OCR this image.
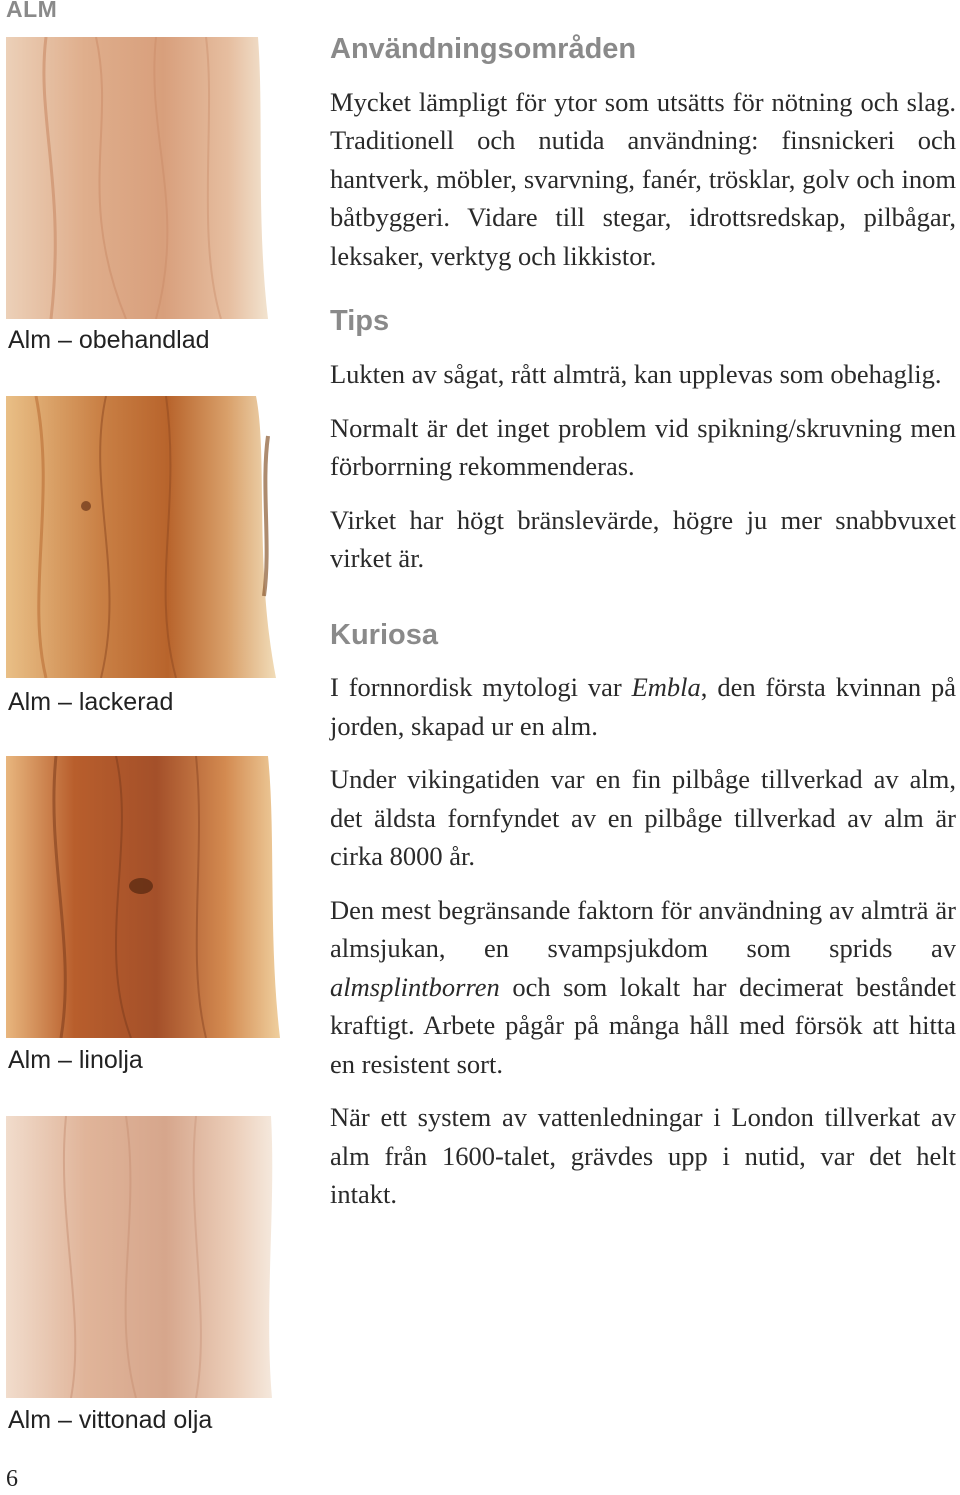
ALM
Alm – obehandlad
Alm – lackerad
Alm – linolja
Alm – vittonad olja
Användningsområden

Mycket lämpligt för ytor som utsätts för nötning och slag. Traditionell och nutida användning: finsnickeri och hantverk, möbler, svarvning, fanér, trösklar, golv och inom båtbyggeri. Vidare till stegar, idrottsredskap, pilbågar, leksaker, verktyg och likkistor.

Tips

Lukten av sågat, rått almträ, kan upplevas som obehaglig.

Normalt är det inget problem vid spikning/skruvning men förborrning rekommenderas.

Virket har högt bränslevärde, högre ju mer snabbvuxet virket är.

Kuriosa

I fornnordisk mytologi var Embla, den första kvinnan på jorden, skapad ur en alm.

Under vikingatiden var en fin pilbåge tillverkad av alm, det äldsta fornfyndet av en pilbåge tillverkad av alm är cirka 8000 år.

Den mest begränsande faktorn för användning av almträ är almsjukan, en svampsjukdom som sprids av almsplintborren och som lokalt har decimerat beståndet kraftigt. Arbete pågår på många håll med försök att hitta en resistent sort.

När ett system av vattenledningar i London tillverkat av alm från 1600-talet, grävdes upp i nutid, var det helt intakt.

6
